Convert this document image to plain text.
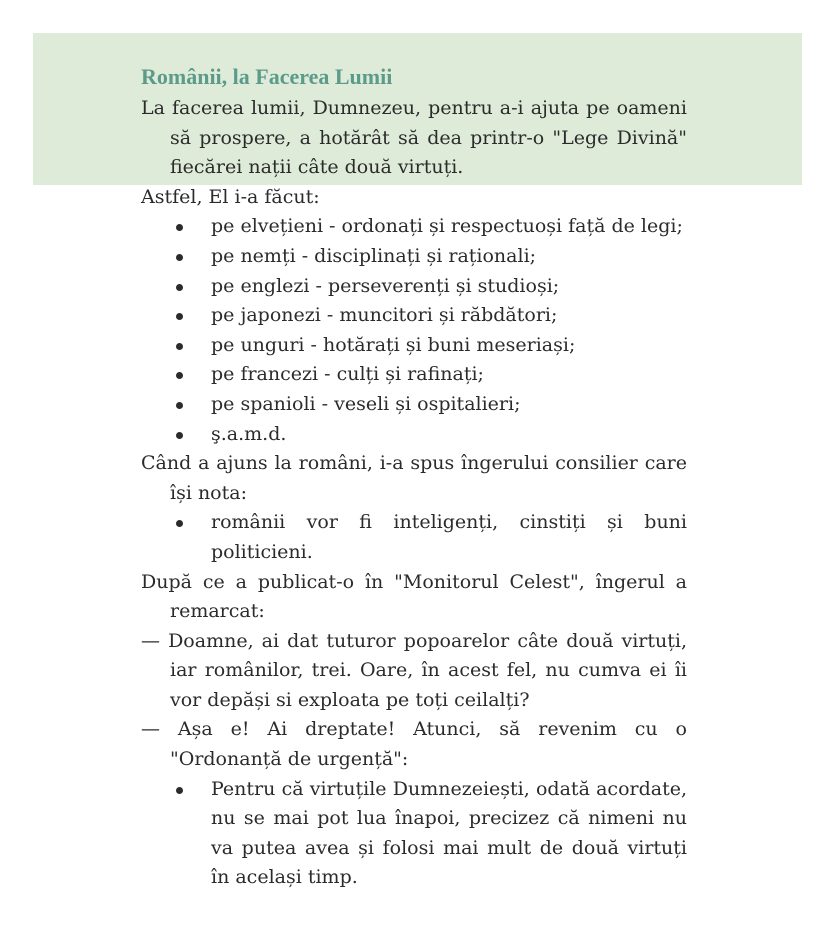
Românii, la Facerea Lumii

La facerea lumii, Dumnezeu, pentru a-i ajuta pe oameni să prospere, a hotărât să dea printr-o "Lege Divină" fiecărei nații câte două virtuți.

Astfel, El i-a făcut:

pe elvețieni - ordonați și respectuoși față de legi;
pe nemți - disciplinați și raționali;
pe englezi - perseverenți și studioși;
pe japonezi - muncitori și răbdători;
pe unguri - hotărați și buni meseriași;
pe francezi - culți și rafinați;
pe spanioli - veseli și ospitalieri;
ş.a.m.d.

Când a ajuns la români, i-a spus îngerului consilier care își nota:

românii vor fi inteligenți, cinstiți și buni politicieni.

După ce a publicat-o în "Monitorul Celest", îngerul a remarcat:

— Doamne, ai dat tuturor popoarelor câte două virtuți, iar românilor, trei. Oare, în acest fel, nu cumva ei îi vor depăși si exploata pe toți ceilalți?

— Așa e! Ai dreptate! Atunci, să revenim cu o "Ordonanță de urgență":

Pentru că virtuțile Dumnezeiești, odată acordate, nu se mai pot lua înapoi, precizez că nimeni nu va putea avea și folosi mai mult de două virtuți în același timp.
